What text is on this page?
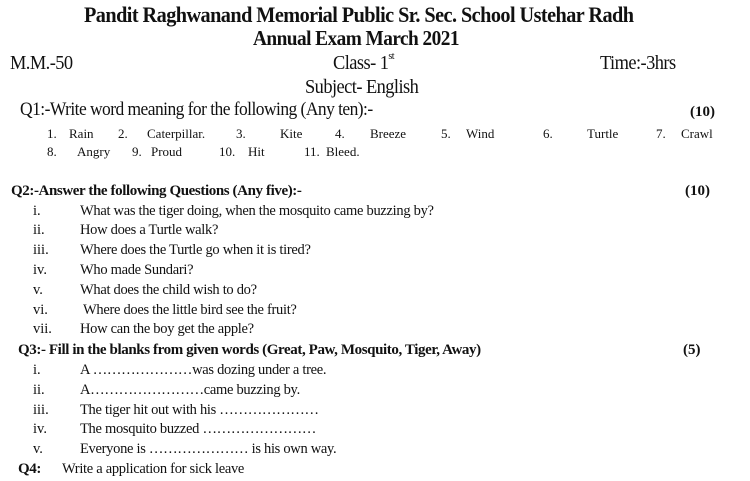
Pandit Raghwanand Memorial Public Sr. Sec. School Ustehar Radh
Annual Exam March 2021
M.M.-50	Class- 1st	Time:-3hrs
Subject- English
Q1:-Write word meaning for the following (Any ten):-	(10)
1. Rain 2. Caterpillar. 3.	Kite	4. Breeze	5. Wind	6.	Turtle	7. Crawl
8. Angry 9. Proud	10. Hit	11. Bleed.
Q2:-Answer the following Questions (Any five):-	(10)
i.	What was the tiger doing, when the mosquito came buzzing by?
ii. How does a Turtle walk?
iii. Where does the Turtle go when it is tired?
iv. Who made Sundari?
v.	What does the child wish to do?
vi. Where does the little bird see the fruit?
vii. How can the boy get the apple?
Q3:- Fill in the blanks from given words (Great, Paw, Mosquito, Tiger, Away)	(5)
i.	A …………………was dozing under a tree.
ii. A……………………came buzzing by.
iii. The tiger hit out with his …………………
iv. The mosquito buzzed ……………………
v.	Everyone is ………………… is his own way.
Q4: Write a application for sick leave
